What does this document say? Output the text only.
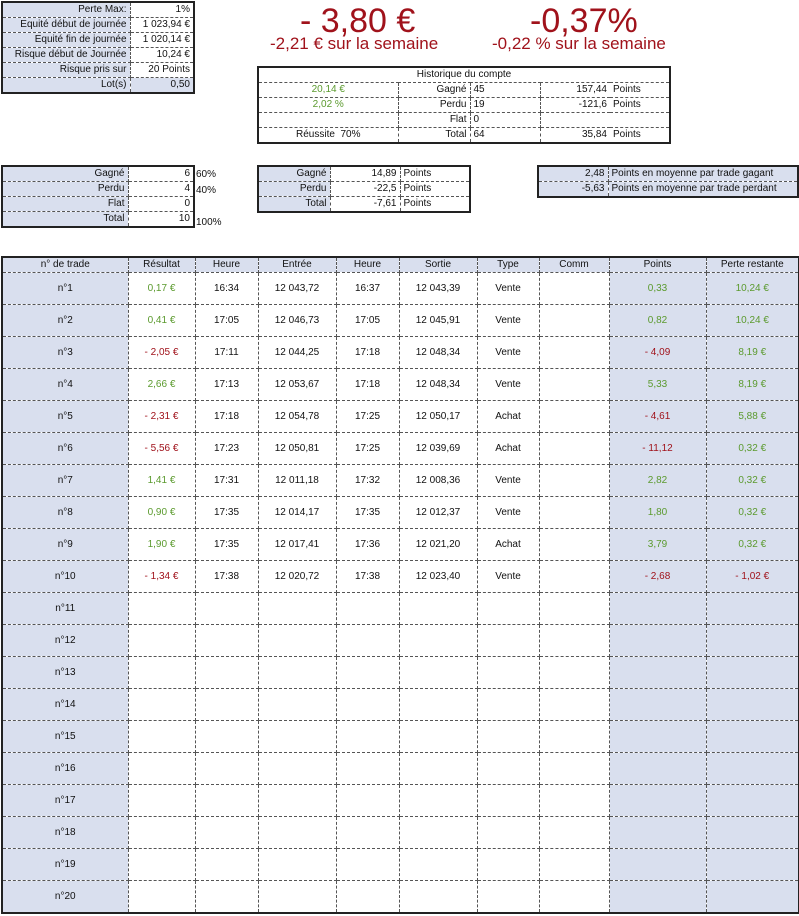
Perte Max:	1%
Equité début de journée	1 023,94 €
Equité fin de journée	1 020,14 €
Risque début de Journée	10,24 €
Risque pris sur	20 Points
Lot(s)	0,50
- 3,80 €
-2,21 € sur la semaine
-0,37%
-0,22 % sur la semaine
Historique du compte				
20,14 €	Gagné	45	157,44	Points
2,02 %	Perdu	19	-121,6	Points
	Flat	0		
Réussite 70%	Total	64	35,84	Points
Gagné	6
Perdu	4
Flat	0
Total	10
60%
40%
100%
Gagné	14,89	Points
Perdu	-22,5	Points
Total	-7,61	Points
2,48	Points en moyenne par trade gagant
-5,63	Points en moyenne par trade perdant
n° de trade	Résultat	Heure	Entrée	Heure	Sortie	Type	Comm	Points	Perte restante
n°1	0,17 €	16:34	12 043,72	16:37	12 043,39	Vente		0,33	10,24 €
n°2	0,41 €	17:05	12 046,73	17:05	12 045,91	Vente		0,82	10,24 €
n°3	- 2,05 €	17:11	12 044,25	17:18	12 048,34	Vente		- 4,09	8,19 €
n°4	2,66 €	17:13	12 053,67	17:18	12 048,34	Vente		5,33	8,19 €
n°5	- 2,31 €	17:18	12 054,78	17:25	12 050,17	Achat		- 4,61	5,88 €
n°6	- 5,56 €	17:23	12 050,81	17:25	12 039,69	Achat		- 11,12	0,32 €
n°7	1,41 €	17:31	12 011,18	17:32	12 008,36	Vente		2,82	0,32 €
n°8	0,90 €	17:35	12 014,17	17:35	12 012,37	Vente		1,80	0,32 €
n°9	1,90 €	17:35	12 017,41	17:36	12 021,20	Achat		3,79	0,32 €
n°10	- 1,34 €	17:38	12 020,72	17:38	12 023,40	Vente		- 2,68	- 1,02 €
n°11									
n°12									
n°13									
n°14									
n°15									
n°16									
n°17									
n°18									
n°19									
n°20									
